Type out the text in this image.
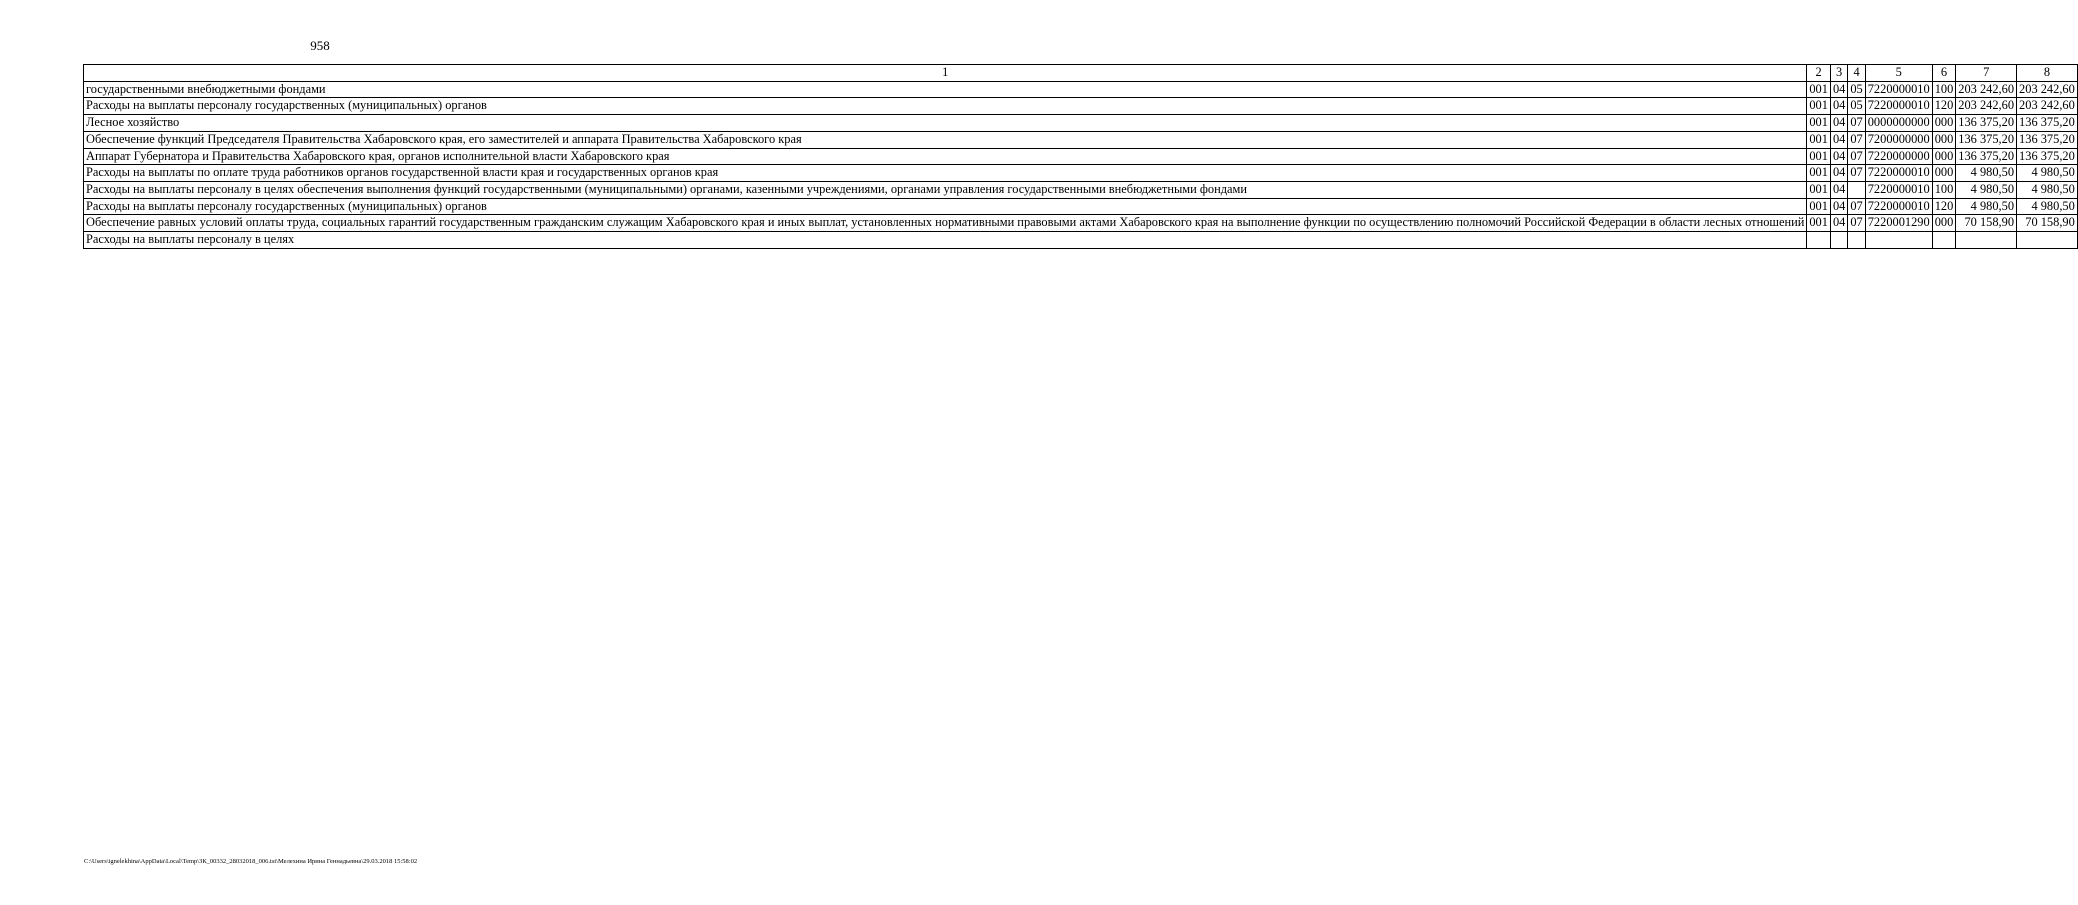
958
1	2	3	4	5	6	7	8
государственными внебюджетными фондами	001	04	05	7220000010	100	203 242,60	203 242,60
Расходы на выплаты персоналу государственных (муниципальных) органов	001	04	05	7220000010	120	203 242,60	203 242,60
Лесное хозяйство	001	04	07	0000000000	000	136 375,20	136 375,20
Обеспечение функций Председателя Правительства Хабаровского края, его заместителей и аппарата Правительства Хабаровского края	001	04	07	7200000000	000	136 375,20	136 375,20
Аппарат Губернатора и Правительства Хабаровского края, органов исполнительной власти Хабаровского края	001	04	07	7220000000	000	136 375,20	136 375,20
Расходы на выплаты по оплате труда работников органов государственной власти края и государственных органов края	001	04	07	7220000010	000	4 980,50	4 980,50
Расходы на выплаты персоналу в целях обеспечения выполнения функций государственными (муниципальными) органами, казенными учреждениями, органами управления государственными внебюджетными фондами	001	04		7220000010	100	4 980,50	4 980,50
Расходы на выплаты персоналу государственных (муниципальных) органов	001	04	07	7220000010	120	4 980,50	4 980,50
Обеспечение равных условий оплаты труда, социальных гарантий государственным гражданским служащим Хабаровского края и иных выплат, установленных нормативными правовыми актами Хабаровского края на выполнение функции по осуществлению полномочий Российской Федерации в области лесных отношений	001	04	07	7220001290	000	70 158,90	70 158,90
Расходы на выплаты персоналу в целях							
C:\Users\ignelekhina\AppData\Local\Temp\ЗК_00332_28032018_006.tst\Мелехина Ирина Геннадьевна\29.03.2018 15:58:02
